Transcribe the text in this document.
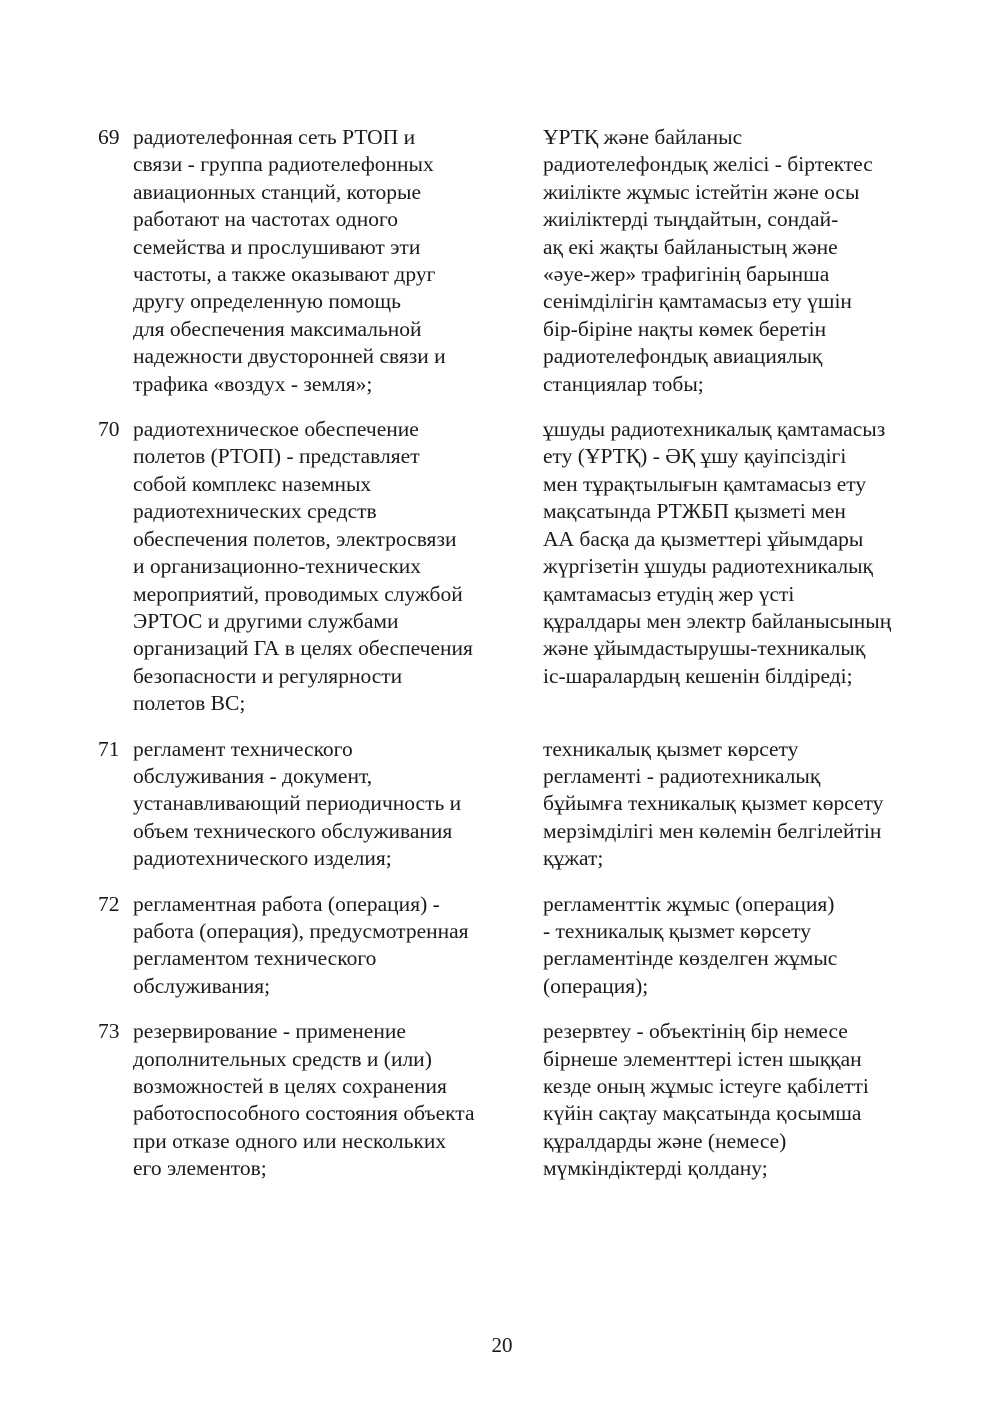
69 радиотелефонная сеть РТОП и
связи - группа радиотелефонных
авиационных станций, которые
работают на частотах одного
семейства и прослушивают эти
частоты, а также оказывают друг
другу определенную помощь
для обеспечения максимальной
надежности двусторонней связи и
трафика «воздух - земля»;
ҰРТҚ және байланыс
радиотелефондық желісі - біртектес
жиілікте жұмыс істейтін және осы
жиіліктерді тыңдайтын, сондай-
ақ екі жақты байланыстың және
«әуе-жер» трафигінің барынша
сенімділігін қамтамасыз ету үшін
бір-біріне нақты көмек беретін
радиотелефондық авиациялық
станциялар тобы;
70 радиотехническое обеспечение
полетов (РТОП) - представляет
собой комплекс наземных
радиотехнических средств
обеспечения полетов, электросвязи
и организационно-технических
мероприятий, проводимых службой
ЭРТОС и другими службами
организаций ГА в целях обеспечения
безопасности и регулярности
полетов ВС;
ұшуды радиотехникалық қамтамасыз
ету (ҰРТҚ) - ӘҚ ұшу қауіпсіздігі
мен тұрақтылығын қамтамасыз ету
мақсатында РТЖБП қызметі мен
АА басқа да қызметтері ұйымдары
жүргізетін ұшуды радиотехникалық
қамтамасыз етудің жер үсті
құралдары мен электр байланысының
және ұйымдастырушы-техникалық
іс-шаралардың кешенін білдіреді;
71 регламент технического
обслуживания - документ,
устанавливающий периодичность и
объем технического обслуживания
радиотехнического изделия;
техникалық қызмет көрсету
регламенті - радиотехникалық
бұйымға техникалық қызмет көрсету
мерзімділігі мен көлемін белгілейтін
құжат;
72 регламентная работа (операция) -
работа (операция), предусмотренная
регламентом технического
обслуживания;
регламенттік жұмыс (операция)
- техникалық қызмет көрсету
регламентінде көзделген жұмыс
(операция);
73 резервирование - применение
дополнительных средств и (или)
возможностей в целях сохранения
работоспособного состояния объекта
при отказе одного или нескольких
его элементов;
резервтеу - объектінің бір немесе
бірнеше элементтері істен шыққан
кезде оның жұмыс істеуге қабілетті
күйін сақтау мақсатында қосымша
құралдарды және (немесе)
мүмкіндіктерді қолдану;
20
